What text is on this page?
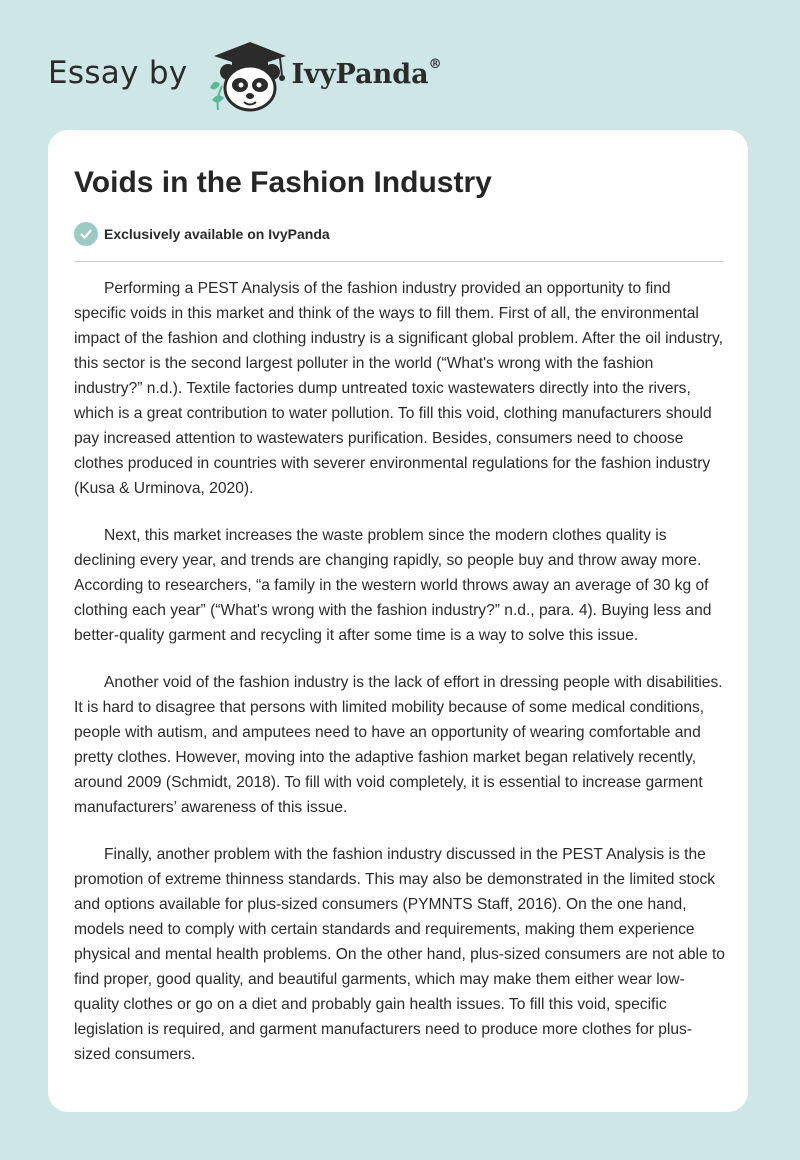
Essay by	IvyPanda®
Voids in the Fashion Industry
Exclusively available on IvyPanda

Performing a PEST Analysis of the fashion industry provided an opportunity to find specific voids in this market and think of the ways to fill them. First of all, the environmental impact of the fashion and clothing industry is a significant global problem. After the oil industry, this sector is the second largest polluter in the world (“What's wrong with the fashion industry?” n.d.). Textile factories dump untreated toxic wastewaters directly into the rivers, which is a great contribution to water pollution. To fill this void, clothing manufacturers should pay increased attention to wastewaters purification. Besides, consumers need to choose clothes produced in countries with severer environmental regulations for the fashion industry (Kusa & Urminova, 2020).

Next, this market increases the waste problem since the modern clothes quality is declining every year, and trends are changing rapidly, so people buy and throw away more. According to researchers, “a family in the western world throws away an average of 30 kg of clothing each year” (“What's wrong with the fashion industry?” n.d., para. 4). Buying less and better-quality garment and recycling it after some time is a way to solve this issue.

Another void of the fashion industry is the lack of effort in dressing people with disabilities. It is hard to disagree that persons with limited mobility because of some medical conditions, people with autism, and amputees need to have an opportunity of wearing comfortable and pretty clothes. However, moving into the adaptive fashion market began relatively recently, around 2009 (Schmidt, 2018). To fill with void completely, it is essential to increase garment manufacturers’ awareness of this issue.

Finally, another problem with the fashion industry discussed in the PEST Analysis is the promotion of extreme thinness standards. This may also be demonstrated in the limited stock and options available for plus-sized consumers (PYMNTS Staff, 2016). On the one hand, models need to comply with certain standards and requirements, making them experience physical and mental health problems. On the other hand, plus-sized consumers are not able to find proper, good quality, and beautiful garments, which may make them either wear low-quality clothes or go on a diet and probably gain health issues. To fill this void, specific legislation is required, and garment manufacturers need to produce more clothes for plus-sized consumers.
